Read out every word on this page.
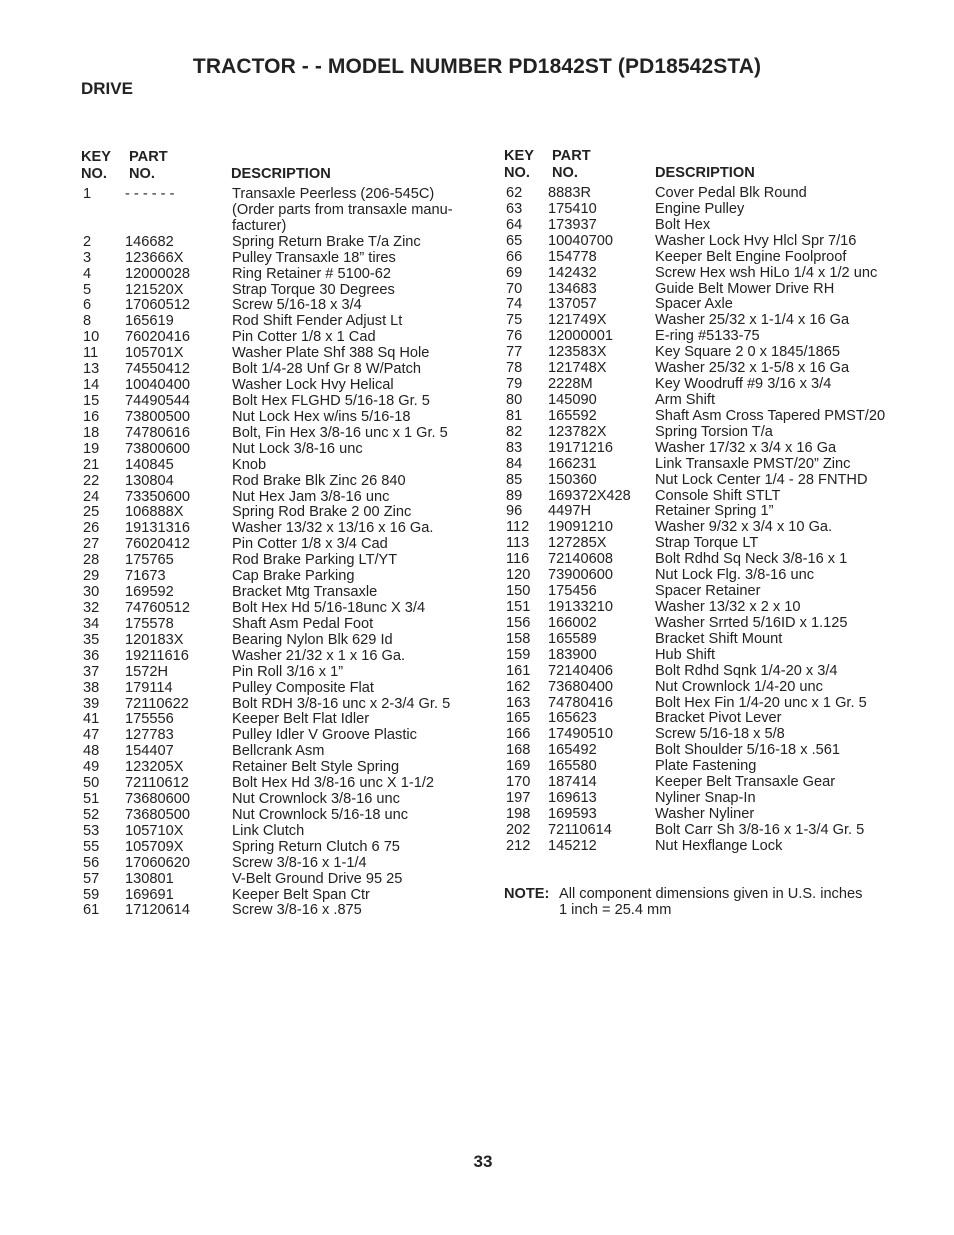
TRACTOR - - MODEL NUMBER PD1842ST (PD18542STA)
DRIVE
KEY
NO.
PART
NO.	DESCRIPTION
1 - - - - - -	Transaxle Peerless (206-545C)
(Order parts from transaxle manu-
facturer)
2 146682	Spring Return Brake T/a Zinc
3 123666X	Pulley Transaxle 18” tires
4 12000028	Ring Retainer # 5100-62
5 121520X	Strap Torque 30 Degrees
6 17060512	Screw 5/16-18 x 3/4
8 165619	Rod Shift Fender Adjust Lt
10 76020416	Pin Cotter 1/8 x 1 Cad
11 105701X	Washer Plate Shf 388 Sq Hole
13 74550412	Bolt 1/4-28 Unf Gr 8 W/Patch
14 10040400	Washer Lock Hvy Helical
15 74490544	Bolt Hex FLGHD 5/16-18 Gr. 5
16 73800500	Nut Lock Hex w/ins 5/16-18
18 74780616	Bolt, Fin Hex 3/8-16 unc x 1 Gr. 5
19 73800600	Nut Lock 3/8-16 unc
21 140845	Knob
22 130804	Rod Brake Blk Zinc 26 840
24 73350600	Nut Hex Jam 3/8-16 unc
25 106888X	Spring Rod Brake 2 00 Zinc
26 19131316	Washer 13/32 x 13/16 x 16 Ga.
27 76020412	Pin Cotter 1/8 x 3/4 Cad
28 175765	Rod Brake Parking LT/YT
29 71673	Cap Brake Parking
30 169592	Bracket Mtg Transaxle
32 74760512	Bolt Hex Hd 5/16-18unc X 3/4
34 175578	Shaft Asm Pedal Foot
35 120183X	Bearing Nylon Blk 629 Id
36 19211616	Washer 21/32 x 1 x 16 Ga.
37 1572H	Pin Roll 3/16 x 1”
38 179114	Pulley Composite Flat
39 72110622	Bolt RDH 3/8-16 unc x 2-3/4 Gr. 5
41 175556	Keeper Belt Flat Idler
47 127783	Pulley Idler V Groove Plastic
48 154407	Bellcrank Asm
49 123205X	Retainer Belt Style Spring
50 72110612	Bolt Hex Hd 3/8-16 unc X 1-1/2
51 73680600	Nut Crownlock 3/8-16 unc
52 73680500	Nut Crownlock 5/16-18 unc
53 105710X	Link Clutch
55 105709X	Spring Return Clutch 6 75
56 17060620	Screw 3/8-16 x 1-1/4
57 130801	V-Belt Ground Drive 95 25
59 169691	Keeper Belt Span Ctr
61 17120614	Screw 3/8-16 x .875
KEY
NO.
PART
NO.	DESCRIPTION
62 8883R	Cover Pedal Blk Round
63 175410	Engine Pulley
64 173937	Bolt Hex
65 10040700	Washer Lock Hvy Hlcl Spr 7/16
66 154778	Keeper Belt Engine Foolproof
69 142432	Screw Hex wsh HiLo 1/4 x 1/2 unc
70 134683	Guide Belt Mower Drive RH
74 137057	Spacer Axle
75 121749X	Washer 25/32 x 1-1/4 x 16 Ga
76 12000001	E-ring #5133-75
77 123583X	Key Square 2 0 x 1845/1865
78 121748X	Washer 25/32 x 1-5/8 x 16 Ga
79 2228M	Key Woodruff #9 3/16 x 3/4
80 145090	Arm Shift
81 165592	Shaft Asm Cross Tapered PMST/20
82 123782X	Spring Torsion T/a
83 19171216	Washer 17/32 x 3/4 x 16 Ga
84 166231	Link Transaxle PMST/20” Zinc
85 150360	Nut Lock Center 1/4 - 28 FNTHD
89 169372X428 Console Shift STLT
96 4497H	Retainer Spring 1”
112 19091210	Washer 9/32 x 3/4 x 10 Ga.
113 127285X	Strap Torque LT
116 72140608	Bolt Rdhd Sq Neck 3/8-16 x 1
120 73900600	Nut Lock Flg. 3/8-16 unc
150 175456	Spacer Retainer
151 19133210	Washer 13/32 x 2 x 10
156 166002	Washer Srrted 5/16ID x 1.125
158 165589	Bracket Shift Mount
159 183900	Hub Shift
161 72140406	Bolt Rdhd Sqnk 1/4-20 x 3/4
162 73680400	Nut Crownlock 1/4-20 unc
163 74780416	Bolt Hex Fin 1/4-20 unc x 1 Gr. 5
165 165623	Bracket Pivot Lever
166 17490510	Screw 5/16-18 x 5/8
168 165492	Bolt Shoulder 5/16-18 x .561
169 165580	Plate Fastening
170 187414	Keeper Belt Transaxle Gear
197 169613	Nyliner Snap-In
198 169593	Washer Nyliner
202 72110614	Bolt Carr Sh 3/8-16 x 1-3/4 Gr. 5
212 145212	Nut Hexflange Lock
NOTE: All component dimensions given in U.S. inches
1 inch = 25.4 mm
33
